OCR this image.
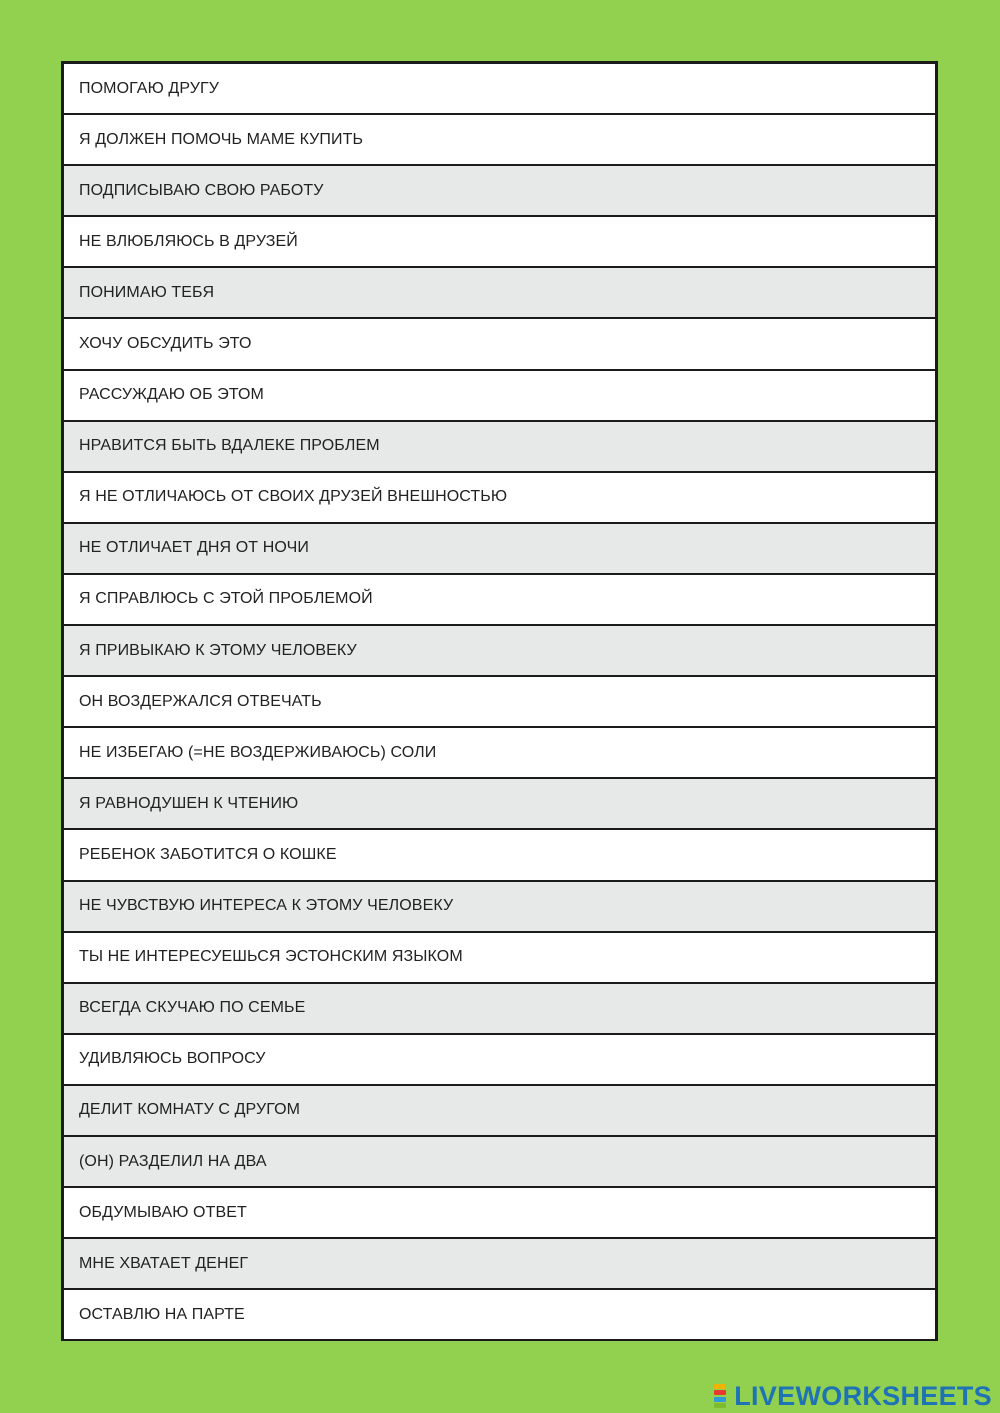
ПОМОГАЮ ДРУГУ
Я ДОЛЖЕН ПОМОЧЬ МАМЕ КУПИТЬ
ПОДПИСЫВАЮ СВОЮ РАБОТУ
НЕ ВЛЮБЛЯЮСЬ В ДРУЗЕЙ
ПОНИМАЮ ТЕБЯ
ХОЧУ ОБСУДИТЬ ЭТО
РАССУЖДАЮ ОБ ЭТОМ
НРАВИТСЯ БЫТЬ ВДАЛЕКЕ ПРОБЛЕМ
Я НЕ ОТЛИЧАЮСЬ ОТ СВОИХ ДРУЗЕЙ ВНЕШНОСТЬЮ
НЕ ОТЛИЧАЕТ ДНЯ ОТ НОЧИ
Я СПРАВЛЮСЬ С ЭТОЙ ПРОБЛЕМОЙ
Я ПРИВЫКАЮ К ЭТОМУ ЧЕЛОВЕКУ
ОН ВОЗДЕРЖАЛСЯ ОТВЕЧАТЬ
НЕ ИЗБЕГАЮ (=НЕ ВОЗДЕРЖИВАЮСЬ) СОЛИ
Я РАВНОДУШЕН К ЧТЕНИЮ
РЕБЕНОК ЗАБОТИТСЯ О КОШКЕ
НЕ ЧУВСТВУЮ ИНТЕРЕСА К ЭТОМУ ЧЕЛОВЕКУ
ТЫ НЕ ИНТЕРЕСУЕШЬСЯ ЭСТОНСКИМ ЯЗЫКОМ
ВСЕГДА СКУЧАЮ ПО СЕМЬЕ
УДИВЛЯЮСЬ ВОПРОСУ
ДЕЛИТ КОМНАТУ С ДРУГОМ
(ОН) РАЗДЕЛИЛ НА ДВА
ОБДУМЫВАЮ ОТВЕТ
МНЕ ХВАТАЕТ ДЕНЕГ
ОСТАВЛЮ НА ПАРТЕ
LIVEWORKSHEETS
